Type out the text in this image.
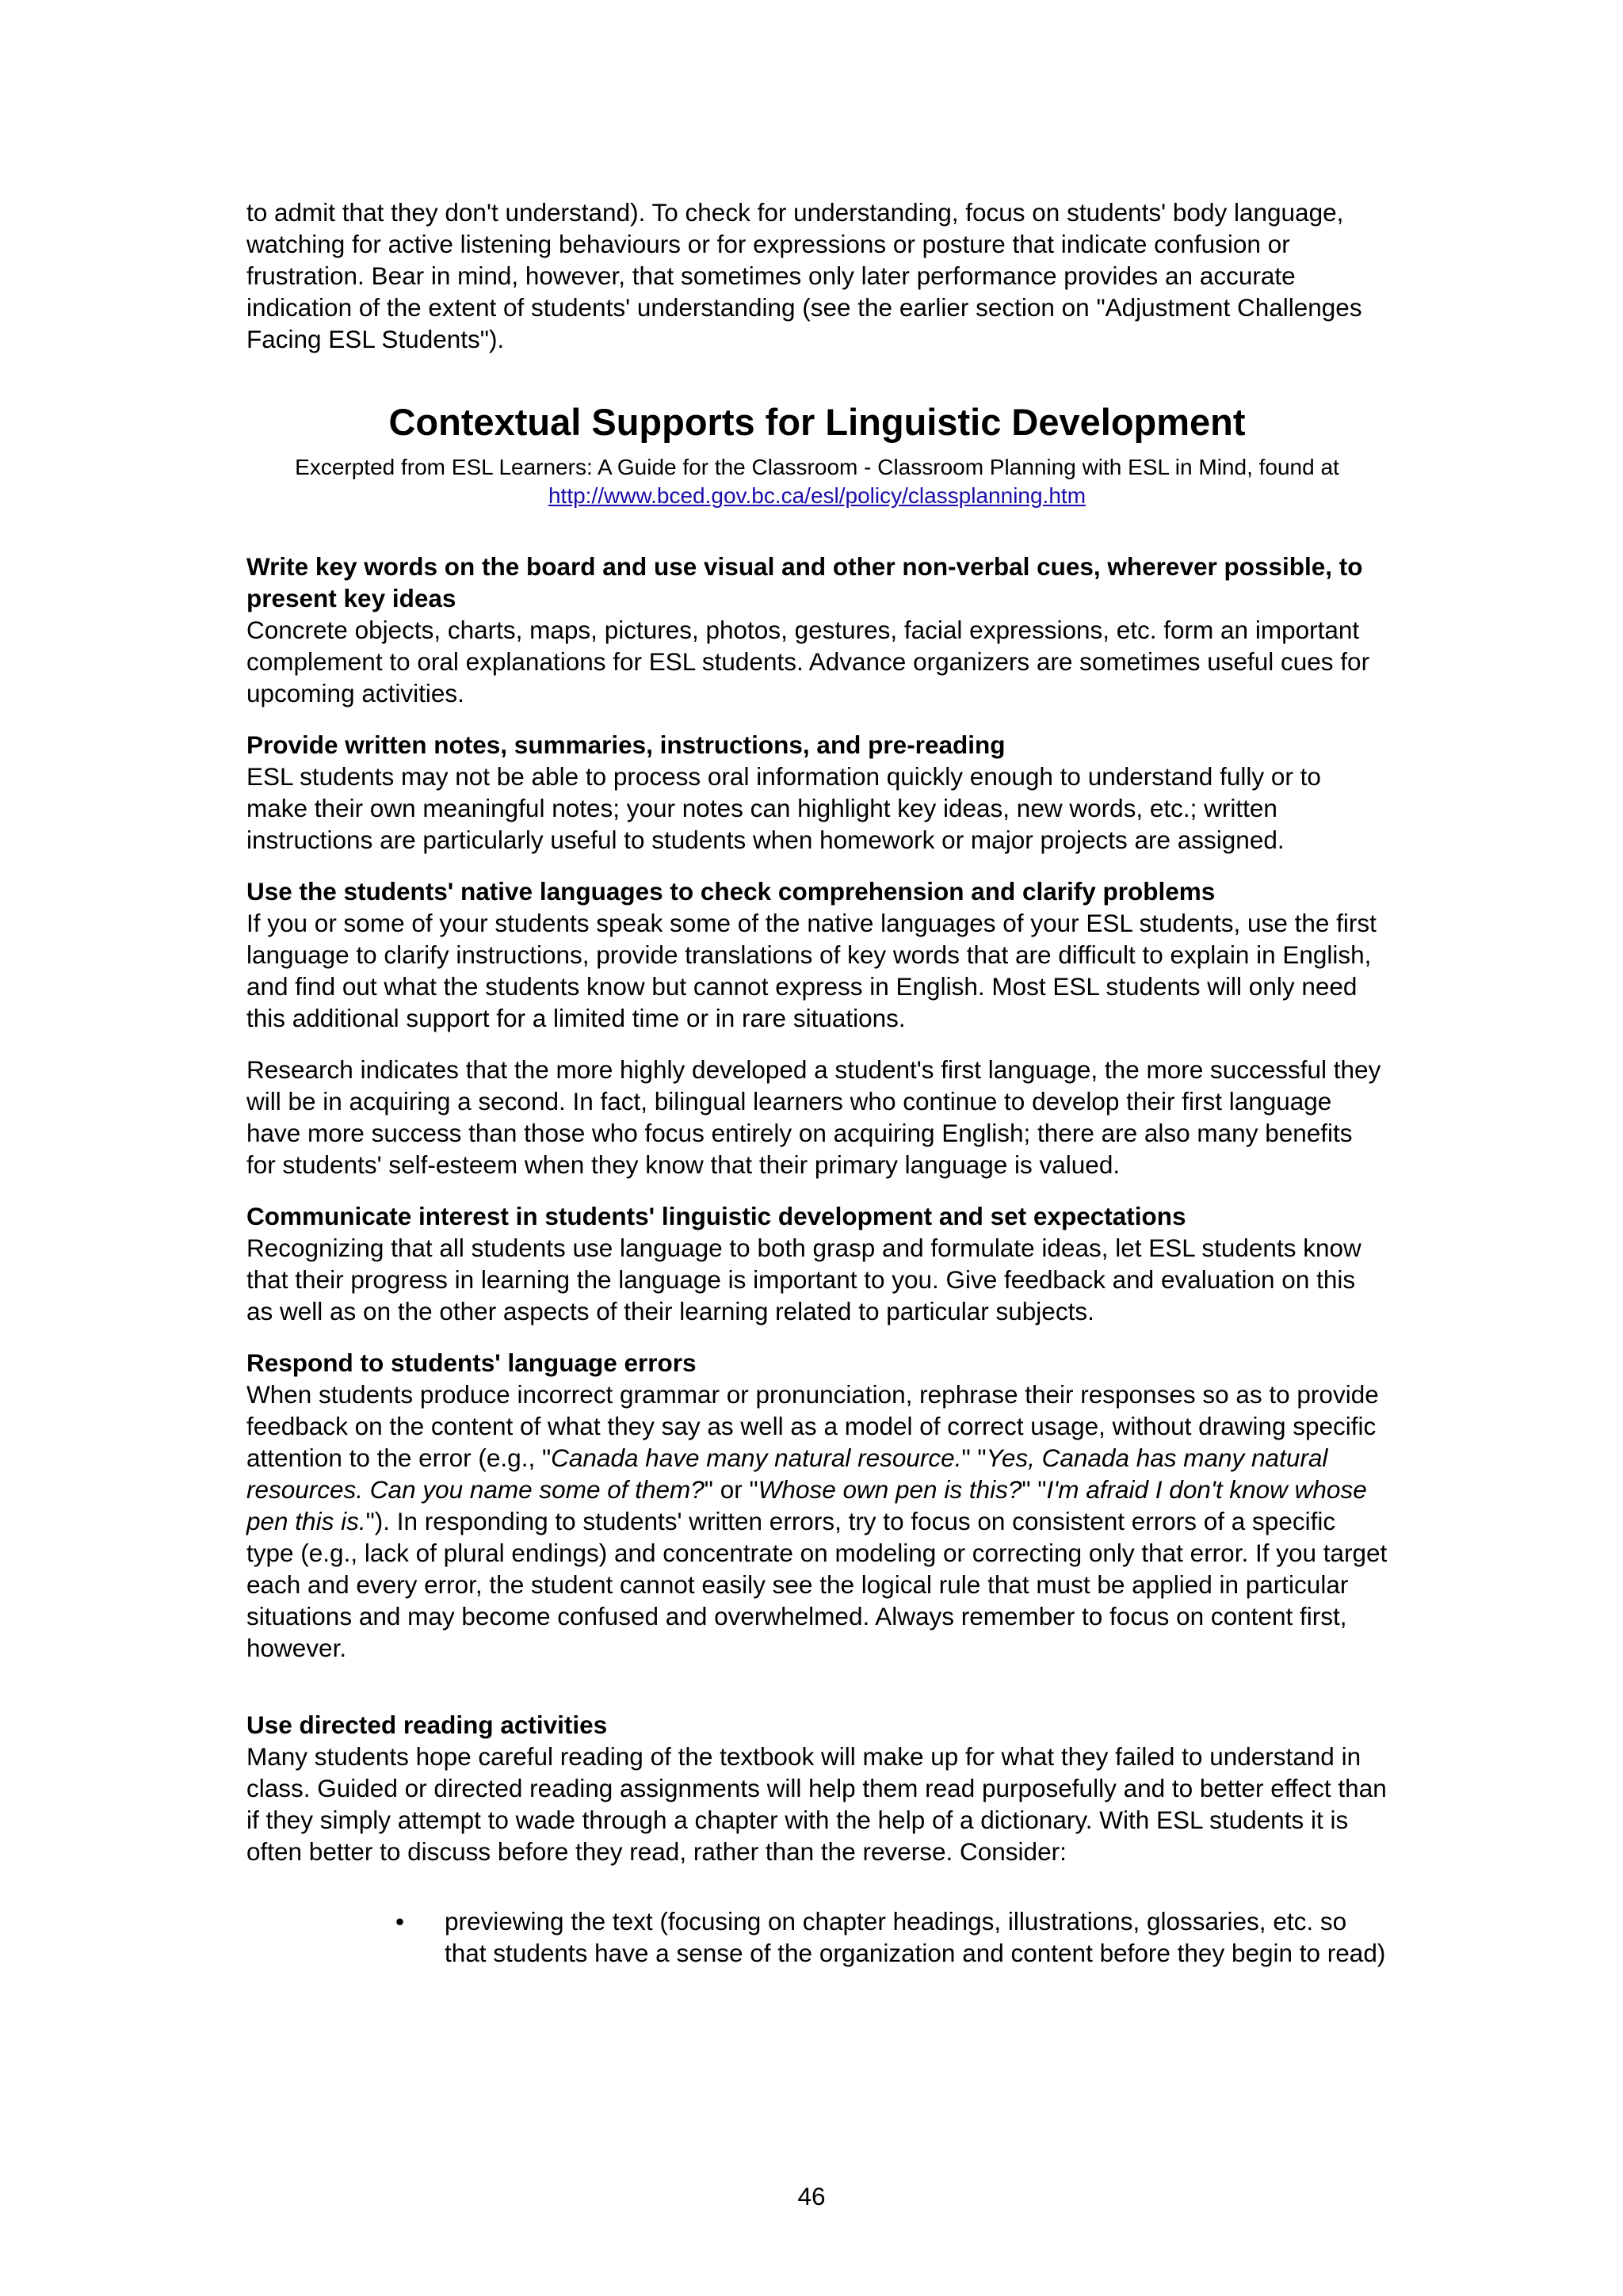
to admit that they don't understand). To check for understanding, focus on students' body language, watching for active listening behaviours or for expressions or posture that indicate confusion or frustration. Bear in mind, however, that sometimes only later performance provides an accurate indication of the extent of students' understanding (see the earlier section on "Adjustment Challenges Facing ESL Students").

Contextual Supports for Linguistic Development

Excerpted from ESL Learners: A Guide for the Classroom - Classroom Planning with ESL in Mind, found at http://www.bced.gov.bc.ca/esl/policy/classplanning.htm

Write key words on the board and use visual and other non-verbal cues, wherever possible, to present key ideas

Concrete objects, charts, maps, pictures, photos, gestures, facial expressions, etc. form an important complement to oral explanations for ESL students. Advance organizers are sometimes useful cues for upcoming activities.

Provide written notes, summaries, instructions, and pre-reading

ESL students may not be able to process oral information quickly enough to understand fully or to make their own meaningful notes; your notes can highlight key ideas, new words, etc.; written instructions are particularly useful to students when homework or major projects are assigned.

Use the students' native languages to check comprehension and clarify problems

If you or some of your students speak some of the native languages of your ESL students, use the first language to clarify instructions, provide translations of key words that are difficult to explain in English, and find out what the students know but cannot express in English. Most ESL students will only need this additional support for a limited time or in rare situations.

Research indicates that the more highly developed a student's first language, the more successful they will be in acquiring a second. In fact, bilingual learners who continue to develop their first language have more success than those who focus entirely on acquiring English; there are also many benefits for students' self-esteem when they know that their primary language is valued.

Communicate interest in students' linguistic development and set expectations

Recognizing that all students use language to both grasp and formulate ideas, let ESL students know that their progress in learning the language is important to you. Give feedback and evaluation on this as well as on the other aspects of their learning related to particular subjects.

Respond to students' language errors

When students produce incorrect grammar or pronunciation, rephrase their responses so as to provide feedback on the content of what they say as well as a model of correct usage, without drawing specific attention to the error (e.g., "Canada have many natural resource." "Yes, Canada has many natural resources. Can you name some of them?" or "Whose own pen is this?" "I'm afraid I don't know whose pen this is."). In responding to students' written errors, try to focus on consistent errors of a specific type (e.g., lack of plural endings) and concentrate on modeling or correcting only that error. If you target each and every error, the student cannot easily see the logical rule that must be applied in particular situations and may become confused and overwhelmed. Always remember to focus on content first, however.

Use directed reading activities

Many students hope careful reading of the textbook will make up for what they failed to understand in class. Guided or directed reading assignments will help them read purposefully and to better effect than if they simply attempt to wade through a chapter with the help of a dictionary. With ESL students it is often better to discuss before they read, rather than the reverse. Consider:

• previewing the text (focusing on chapter headings, illustrations, glossaries, etc. so that students have a sense of the organization and content before they begin to read)
46
